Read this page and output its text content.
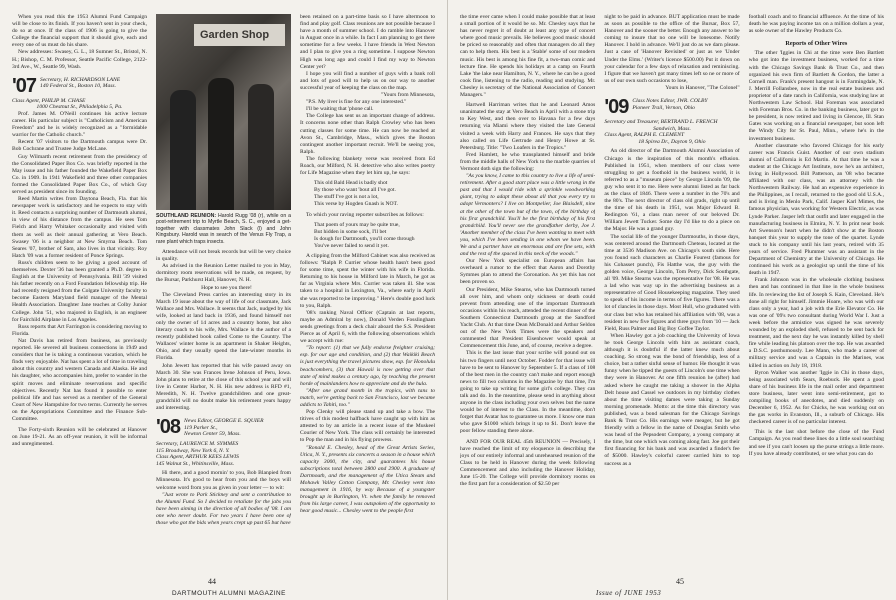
When you read this the 1953 Alumni Fund Campaign will be close to its finish. If you haven't sent in your check, do so at once. If the class of 1906 is going to give the College the financial support that it should give, each and every one of us must do his share.

New addresses: Swasey, G. L., 18 Sumner St., Bristol, N. H.; Bishop, C. M. Professor, Seattle Pacific College, 2122-3rd Ave., W., Seattle 99, Wash.

'07 Secretary, H. RICHARDSON LANE
140 Federal St., Boston 10, Mass.

Class Agent, PHILIP M. CHASE

1000 Chestnut St., Philadelphia 5, Pa.

Prof. James M. O'Neill continues his active lecture career. His particular subject is "Catholicism and American Freedom" and he is widely recognized as a "formidable warrior for the Catholic church."

Recent '07 visitors to the Dartmouth campus were Dr. Bob Cochrane and Trustee Judge McLane.

Guy Wilmarth recent retirement from the presidency of the Consolidated Paper Box Co. was briefly reported in the May issue and his father founded the Wakefield Paper Box Co. in 1909. In 1941 Wakefield and three other companies formed the Consolidated Paper Box Co., of which Guy served as president since its founding.

Reed Martin writes from Daytona Beach, Fla. that his newspaper work is satisfactory and he expects to stay with it. Reed contacts a surprising number of Dartmouth alumni, in view of his distance from the campus. He sees Tom Fielch and Harry Whitaker occasionally and visited with them as well as their annual gathering at Vero Beach. Swasey '06 is a neighbor at New Smyrna Beach. Tom Seares '07, brother of Sam, also lives in that vicinity. Roy Hatch '09 was a former resident of Ponce Springs.

Russ's children seem to be giving a good account of themselves. Dexter '36 has been granted a Ph.D. degree in English at the University of Pennsylvania. Bill '39 visited his father recently on a Ford Foundation fellowship trip. He had recently resigned from the Colgate University faculty to become Eastern Maryland field manager of the Mental Health Association. Daughter Jane teaches at Colby Junior College. John '51, who majored in English, is an engineer for Fairchild Airplane in Los Angeles.

Russ reports that Art Farrington is considering moving to Florida.

Nat Davis has retired from business, as previously reported. He severed all business connections in 1949 and considers that he is taking a continuous vacation, which he finds very enjoyable. Nat has spent a lot of time in traveling about this country and western Canada and Alaska. He and his daughter, who accompanies him, prefer to wander in the spirit moves and eliminate reservations and specific objectives. Recently Nat has found it possible to enter political life and has served as a member of the General Court of New Hampshire for two terms. Currently he serves on the Appropriations Committee and the Finance Sub-Committee.

The Forty-sixth Reunion will be celebrated at Hanover on June 19-21. As an off-year reunion, it will be informal and unregimented.

Garden Shop
SOUTHLAND REUNION: Harold Rugg '08 (r), while on a post-retirement trip to Myrtle Beach, S. C., enjoyed a get-together with classmates John Slack (l) and John Kingsbury. Harold was in search of the Venus Fly Trap, a rare plant which traps insects.

Attendance will not break records but will be very choice in quality.

As advised in the Reunion Letter mailed to you in May, dormitory room reservations will be made, on request, by the Bursar, Parkhurst Hall, Hanover, N. H.

Hope to see you there!

The Cleveland Press carries an interesting story in its March 19 issue about the way of life of our classmate, Jack Wallace and Mrs. Wallace. It seems that Jack, nudged by his wife, looked at land back in 1936, and found himself not only the owner of 14 acres and a country home, but also literary coach to his wife, Mrs. Wallace is the author of a recently published book called Come to the Country. The Wallaces' winter home is an apartment in Shaker Heights, Ohio, and they usually spend the late-winter months in Florida.

John Jewett has reported that his wife passed away on March 30. She was Frances Irene Johnson of Peru, Iowa. John plans to retire at the close of this school year and will live in Center Harbor, N. H. His new address is RFD #1, Meredith, N. H. Twelve grandchildren and one great-grandchild will no doubt make his retirement years happy and interesting.

'08 News Editor, GEORGE E. SQUIER
119 Parker St.,
Newton Center 59, Mass.

Secretary, LAURENCE M. SYMMES

115 Broadway, New York 6, N. Y.

Class Agent, ARTHUR KEES LEWIS

145 Walnut St., Whitinsville, Mass.

Hi there, and a good mornin' to you, Bob Blanpied from Minnesota. It's good to hear from you and the boys will welcome word from you as given in your letter — to wit:

"Just wrote to Park Stickney and sent a contribution to the Alumni Fund. So I decided to retaliate for the jabs you have been aiming in the direction of all bodies of '08. I am one who never doubt. For two years I have been one of those who got the bids when years crept up past 65 but have

been retained on a part-time basis so I have altermoon to find and play golf. Class reunions are not possible because I have a month of summer school. I do ramble into Hanover in August once in a while. In fact I am planning to get there sometime for a few weeks. I have friends in West Newton and I plan to give you a ring sometime. I suppose Newton High was long ago and could I find my way to Newton Center yet?

I hope you will find a number of guys with a bank roll and lots of good will to help us on our way to another successful year of keeping the class on the map.

"Yours from Minnesota,

"P.S. My liver is fine for any one interested."

I'll be waiting that 'phone call.

The College has sent us an important change of address. It concerns none other than Ralph Crowley who has been cutting classes for some time. He can now be reached at Avon St., Cambridge, Mass., which gives the Boston contingent another important recruit. We'll be seeing you, Ralph.

The following blankety verse was received from Ed Roach, our Milford, N. H. detective who also writes poetry for Life Magazine when they let him up, he says:

This old Bald Head is badly shot
By those who want 'bout all I've got.
The stuff I've got is not a lot,
This verse by Hogden Gnash is NOT.

To which your raving reporter subscribes as follows:

That poem of yours may be quite true,
But hidden in some sock, I'll bet
Is dough for Dartmouth, you'll come through
You've never failed to send it yet.

A clipping from the Milford Cabinet was also received as follows: "Ralph P. Currier whose health hasn't been good for some time, spent the winter with his wife in Florida. Returning to his house in Milford late in March, he got as far as Virginia where Mrs. Currier was taken ill. She was taken to a hospital in Lexington, Va., where early in April she was reported to be improving." Here's double good luck to you, Ralph.

'08's ranking Naval Officer (Captain at last reports, maybe an Admiral by now), Donald Verden Fosslingham sends greetings from a deck chair aboard the S.S. President Pierce as of April 6, with the following observations which we accept with rue:

"To report: (1) that we fully endorse freighter cruising; esp. for our age and condition, and (2) that Waikiki Beach is just everything the travel pictures show, esp. for Honolulu beachcombers, (3) that Hawaii is now getting over that state of mind makes a century ago, by teaching the present horde of mainlanders how to appreciate and do the hula.

"After one grand month in the tropics, with tans to match, we're getting back to San Francisco, last we became addicts to Tahiti, too."

Pop Clenky will please stand up and take a bow. The titives of this modest halfback have caught up with him as attested to by an article in a recent issue of the Muskeel Courier of New York. The class will certainly be interested to Pop the man and in his flying prowess.

"Ronald E. Chesley, head of the Great Artists Series, Utica, N. Y., presents six concerts a season in a house which capacity 3000, the city, and guarantees his house subscriptions total between 2800 and 2900. A graduate of Dartmouth, and the management of the Utica Steam and Mohawk Valley Cotton Company, Mr. Chesley went into management in 1916, by way Because of a youngster brought up in Burlington, Vt. when the family he removed from his large career, I was outspoken of the opportunity to hear good music... Chesley went to the people first

44
DARTMOUTH ALUMNI MAGAZINE

the time ever came when I could make possible that at least a small portion of it would be so. Mr. Chesley says that he has never regret it of doubt at least any type of concert where good music prevails. He believes good music should be priced so reasonably and often that managers do all they can to help them. His best is a 'Stable' some of our modern music. His best is among his fine fit, a two-man comic and lecture fine. He spends his holidays at a camp on Fourth Lake 'the lake near Hamilton, N. Y., where he can be a good cook fine, listening to the radio, reading and studying. Mr. Chesley is secretary of the National Association of Concert Managers."

Hartwell Harriman writes that he and Leonard Amos unanimated the stay at Vero Beach in April with a stone trip to Key West, and then over to Havana for a few days returning via Miami where they visited the late General visited a week with Harry and Frances. He says that they also called on Life Gertrude and Henry Howe at St. Petersburg. Title: "Two Loafers in the Tropics."

Fred Hamlett, he who transplanted himself and bride from the middle halls of New York to the marble quarries of Vermont doth sign the following:

"As you know, I came to this country to live a life of semi-retirement. After a good start place was a little wrong in the past and that I would ride with a sprinkle woodworking giant, trying to adapt these about all that you every try to adopt Vermonters? I live on Montpelier, Joe Blaisdell, nine at the other of the town but of the town, of the birthday of his first grandchild. You'll be the first birthday of his first grandchild. You'll never see the grandfather derby, Joe J. 'Another member of the class I've been wanting to meet with you, which I've been sending in one whom we have been. We and a partner have an enormous and are fine sets, with and the rest of the spaced in this neck of the woods."

Our New York specialist on European affairs has overheard a rumor to the effect that Aaron and Dorothy Symmes plan to attend the Coronation. As yet this has not been proven so.

Our President, Mike Stearns, who has Dartmouth turned all over him, and whom only sickness or death could prevent from attending one of the important Dartmouth occasions within his reach, attended the recent dinner of the Southern Connecticut Dartmouth group at the Sandford Yacht Club. At that time Dean McDonald and Arthur Seldon out of the New York Times were the speakers and commented that President Eisenhower would speak at Commencement this June, and, of course, receive a degree.

This is the last issue that your scribe will pound out on his two fingers until next October. Fodder for that issue will have to be sent to Hanover by September 5. If a class of 108 of the best men in the country can't make and report enough news to fill two columns in the Magazine by that time, I'm going to take up writing for some girl's college. They can talk and do. In the meantime, please send in anything about anyone in the class including your own selves but the name would be of interest to the Class. In the meantime, don't forget that Avatar has to guarantee us more. I know one man who gave $1000 which brings it up to $1. Don't leave the poor fellow standing there alone.

AND FOR OUR REAL 45th REUNION — Precisely, I have reached the limit of my eloquence in describing the joys of our entirely informal and unrehearsed reunion of the Class to be held in Hanover during the week following Commencement and also including the Hanover Holiday, June 15-20. The College will provide dormitory rooms on the first part for a consideration of $2.50 per

night to be paid in advance. BUT application must be made as soon as possible to the office of the Bursar, Box 57, Hanover and the sooner the better. Enough any answer to be coming to insure that no one will be lonesome. Notify Hanover. I hold in advance. We'll just do as we darn please. Just a case of 'Hanover Revisited' or just as we 'Under Under the Elms.' (Writer's licence $500.00) Put it down on your calendar for a few days of relaxation and reminiscing. I figure that we haven't got many times left so ne or more of us of our own such occasions to lose,

Yours in Hanover, "The Colonel"

'09 Class Notes Editor, JWR. COLBY
Pioneer Trail, Vernon, Ohio

Secretary and Treasurer, BERTRAND L. FRENCH

Sandwich, Mass.

Class Agent, RALPH E. CLEMENT

18 Spirea Dr., Dayton 9, Ohio

An old director of the Dartmouth Alumni Association of Chicago is the inspiration of this month's effusion. Published in 1951, when members of our class were struggling to get a foothold in the business world, it is referred to as a "museum piece" by George Lincoln '09, the guy who sent it to me. Here were alumni listed as far back as the class of 1846. There were a number in the 70's and the 80's. The next director of class old grads, right up until the time of his death in 1951, was Major Edward B. Redington '61, a class man never of our beloved Dr. William Jewett Tucker. Some day I'd like to do a piece on the Major. He was a grand guy.

The social life of the younger Dartmouths, in those days, was centered around the Dartmouth Cheteau, located at the time at 3536 Madison Ave. on Chicago's south side. Here you found such characters as Charlie Fourest (famous for his Cohasset punch), Fis Hatthe was, the guy with the golden voice, George Lincoln, Tom Perry, Dick Southgate, all '09. Mike Stearns was the representative for '08. He was a lad who was way up in the advertising business as a representative of Good Housekeeping magazine. They used to speak of his income in terms of five figures. There was a lot of clancies in those days. Most Hull, who graduated with our class but who has retained his affiliation with '08, was a resident in new five figures and three guys from '10 — Jack Field, Russ Palmer and Big Boy Goffee Taylor.

When Hawley got a job coaching the University of Iowa he took George Lincoln with him as assistant coach, although it is doubtful if the latter knew much about coaching. So strong was the bond of friendship, less of a choice, but a rather sinful sense of humor. He thought it was funny when he tipped the guests of Lincoln's one time when they were in Hanover. At one fifth reunion he (after) had asked where he caught me taking a shower in the Alpha Delt house and Cassel we outdoors in my birthday clothes about the time visiting dames were taking a Sunday morning promenade. Motto: at the time this directory was published, was a bond salesman for the Chicago Savings Bank & Trust Co. His earnings were meager, but he got friendly with a fellow in the name of Douglas Smith who was head of the Pepsodent Company, a young company at the time, but one which was coming along fast. Joe got their first financing for his bank and was awarded a finder's fee of $5000. Hawley's colorful career carried him to top success as a

football coach and to financial affluence. At the time of his death he was paying income tax on a million dollars a year, as sole owner of the Hawley Products Co.

Reports of Other Wires

The other 'Iggies in Chi at the time were Ben Bartlett who got into the investment business, worked for a time with the Chicago Savings Bank & Trust Co., and then organized his own firm of Bartlett & Gordon, the latter a Cornell man. Frank's present hangout is in Farmingdale, N. J. Merrill Follansbee, now in the real estate business and proprietor of a date ranch in California, was studying law at Northwestern Law School. Hal Foreman was associated with Foreman Bros. Co. in the banking business, later got to be president, is now retired and living in Glencoe, Ill. Stan Gates was working on a financial newspaper, but soon left the Windy City for St. Paul, Minn., where he's in the investment business.

Another classmate who favored Chicago for his early career was Francis Guist. Another of our own stadium alumni of California is Ed Martin. At that time he was a student at the Chicago Art Institute, now he's an architect, living in Hollywood. Bill Patterson, an '08 who became affiliated with our class, was an attorney with the Northwestern Railway. He had an expensive experience in the Philippines, as I recall, returned to the good old U.S.A., and is living in Menlo Park, Calif. Jasper Karl Mimes, the famous physician, was working for Western Electric, as was Lynde Parker. Jasper left that outfit and later engaged in the manufacturing business in Elmira, N. Y. In print near book Art Swenson's heart when he didn't show at the Boston banquet this year to supply the tone of the quartet. Lynde stuck to his company until his last years, retired with 35 years of service. Fred Plummer was an assistant in the Department of Chemistry at the University of Chicago. He continued his work as a geologist up until the time of his death in 1947.

Frank Johnson was in the wholesale clothing business then and has continued in that line in the whole business life. In reviewing the list of Joseph S. Kain, Cleveland. He's done all right for himself. Jimmie Hoare, who was with our class only a year, had a job with the Erie Elevator Co. He was one of '09's two consultant during World War I. Just a week before the armistice was signed he was severely wounded by an exploded shell, refused to be sent back for treatment, and the next day he was instantly killed by shell fire while leading his platoon over the top. He was awarded a D.S.C. posthumously. Lee Mann, who made a career of military service and was a Captain in the Marines, was killed in action on July 18, 1918.

Byron Walker was another 'Iggie in Chi in those days, being associated with Sears, Roebuck. He spent a good share of his business life in the mail order and department store business, later went into semi-retirement, got to compiling books of anecdotes, and died suddenly on December 6, 1952. As for Chicks, he was working out on the gas works in Evanston, Ill., a suburb of Chicago. His checkered career is of no particular interest.

This is the last shot before the close of the Fund Campaign. As you read these lines do a little soul searching and see if you can't loosen up the purse strings a little more. If you have already contributed, or see what you can do

Issue of JUNE 1953
45
